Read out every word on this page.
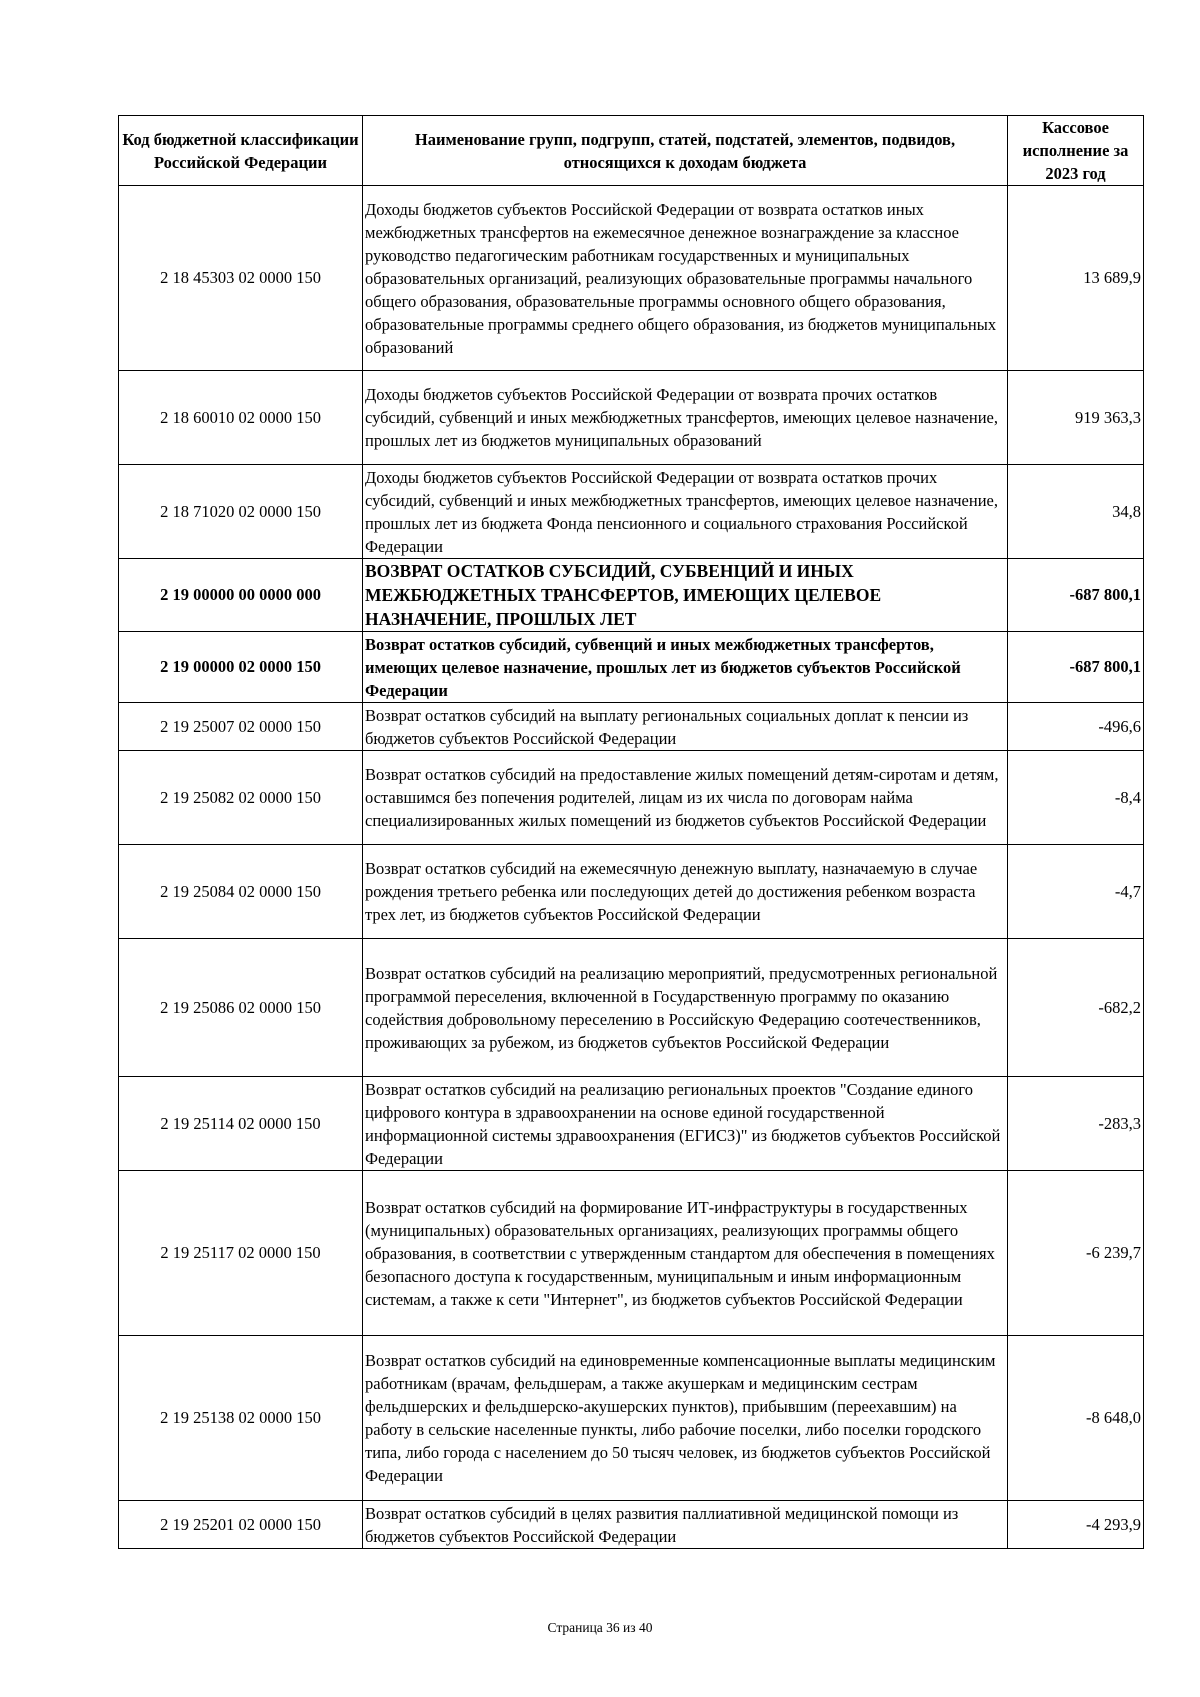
Код бюджетной классификации Российской Федерации	Наименование групп, подгрупп, статей, подстатей, элементов, подвидов, относящихся к доходам бюджета	Кассовое исполнение за 2023 год
2 18 45303 02 0000 150	Доходы бюджетов субъектов Российской Федерации от возврата остатков иных межбюджетных трансфертов на ежемесячное денежное вознаграждение за классное руководство педагогическим работникам государственных и муниципальных образовательных организаций, реализующих образовательные программы начального общего образования, образовательные программы основного общего образования, образовательные программы среднего общего образования, из бюджетов муниципальных образований	13 689,9
2 18 60010 02 0000 150	Доходы бюджетов субъектов Российской Федерации от возврата прочих остатков субсидий, субвенций и иных межбюджетных трансфертов, имеющих целевое назначение, прошлых лет из бюджетов муниципальных образований	919 363,3
2 18 71020 02 0000 150	Доходы бюджетов субъектов Российской Федерации от возврата остатков прочих субсидий, субвенций и иных межбюджетных трансфертов, имеющих целевое назначение, прошлых лет из бюджета Фонда пенсионного и социального страхования Российской Федерации	34,8
2 19 00000 00 0000 000	ВОЗВРАТ ОСТАТКОВ СУБСИДИЙ, СУБВЕНЦИЙ И ИНЫХ МЕЖБЮДЖЕТНЫХ ТРАНСФЕРТОВ, ИМЕЮЩИХ ЦЕЛЕВОЕ НАЗНАЧЕНИЕ, ПРОШЛЫХ ЛЕТ	-687 800,1
2 19 00000 02 0000 150	Возврат остатков субсидий, субвенций и иных межбюджетных трансфертов, имеющих целевое назначение, прошлых лет из бюджетов субъектов Российской Федерации	-687 800,1
2 19 25007 02 0000 150	Возврат остатков субсидий на выплату региональных социальных доплат к пенсии из бюджетов субъектов Российской Федерации	-496,6
2 19 25082 02 0000 150	Возврат остатков субсидий на предоставление жилых помещений детям-сиротам и детям, оставшимся без попечения родителей, лицам из их числа по договорам найма специализированных жилых помещений из бюджетов субъектов Российской Федерации	-8,4
2 19 25084 02 0000 150	Возврат остатков субсидий на ежемесячную денежную выплату, назначаемую в случае рождения третьего ребенка или последующих детей до достижения ребенком возраста трех лет, из бюджетов субъектов Российской Федерации	-4,7
2 19 25086 02 0000 150	Возврат остатков субсидий на реализацию мероприятий, предусмотренных региональной программой переселения, включенной в Государственную программу по оказанию содействия добровольному переселению в Российскую Федерацию соотечественников, проживающих за рубежом, из бюджетов субъектов Российской Федерации	-682,2
2 19 25114 02 0000 150	Возврат остатков субсидий на реализацию региональных проектов "Создание единого цифрового контура в здравоохранении на основе единой государственной информационной системы здравоохранения (ЕГИСЗ)" из бюджетов субъектов Российской Федерации	-283,3
2 19 25117 02 0000 150	Возврат остатков субсидий на формирование ИТ-инфраструктуры в государственных (муниципальных) образовательных организациях, реализующих программы общего образования, в соответствии с утвержденным стандартом для обеспечения в помещениях безопасного доступа к государственным, муниципальным и иным информационным системам, а также к сети "Интернет", из бюджетов субъектов Российской Федерации	-6 239,7
2 19 25138 02 0000 150	Возврат остатков субсидий на единовременные компенсационные выплаты медицинским работникам (врачам, фельдшерам, а также акушеркам и медицинским сестрам фельдшерских и фельдшерско-акушерских пунктов), прибывшим (переехавшим) на работу в сельские населенные пункты, либо рабочие поселки, либо поселки городского типа, либо города с населением до 50 тысяч человек, из бюджетов субъектов Российской Федерации	-8 648,0
2 19 25201 02 0000 150	Возврат остатков субсидий в целях развития паллиативной медицинской помощи из бюджетов субъектов Российской Федерации	-4 293,9
Страница 36 из 40
